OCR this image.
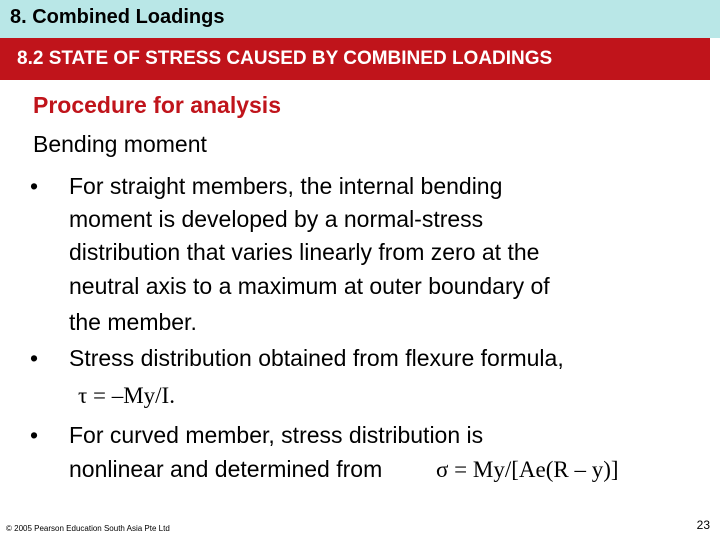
8. Combined Loadings
8.2 STATE OF STRESS CAUSED BY COMBINED LOADINGS
Procedure for analysis
Bending moment
• For straight members, the internal bending
moment is developed by a normal-stress
distribution that varies linearly from zero at the
neutral axis to a maximum at outer boundary of
the member.
• Stress distribution obtained from flexure formula,
τ = –My/I.
• For curved member, stress distribution is
nonlinear and determined from σ = My/[Ae(R – y)]
© 2005 Pearson Education South Asia Pte Ltd	23
